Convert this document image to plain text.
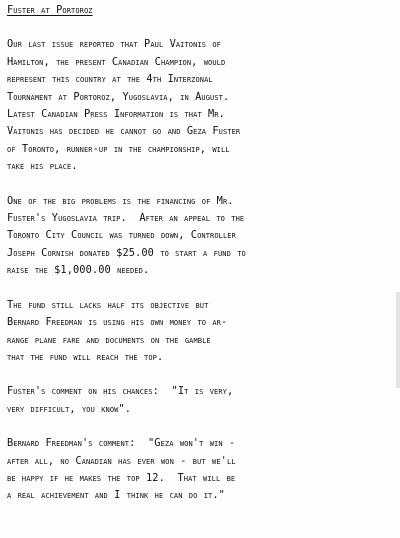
Fuster at Portoroz
Our last issue reported that Paul Vaitonis of
Hamilton, the present Canadian Champion, would
represent this country at the 4th Interzonal
Tournament at Portoroz, Yugoslavia, in August.
Latest Canadian Press Information is that Mr.
Vaitonis has decided he cannot go and Geza Fuster
of Toronto, runner-up in the championship, will
take his place.
One of the big problems is the financing of Mr.
Fuster's Yugoslavia trip.  After an appeal to the
Toronto City Council was turned down, Controller
Joseph Cornish donated $25.00 to start a fund to
raise the $1,000.00 needed.
The fund still lacks half its objective but
Bernard Freedman is using his own money to ar-
range plane fare and documents on the gamble
that the fund will reach the top.
Fuster's comment on his chances:  "It is very,
very difficult, you know".
Bernard Freedman's comment:  "Geza won't win -
after all, no Canadian has ever won - but we'll
be happy if he makes the top 12.  That will be
a real achievement and I think he can do it."
